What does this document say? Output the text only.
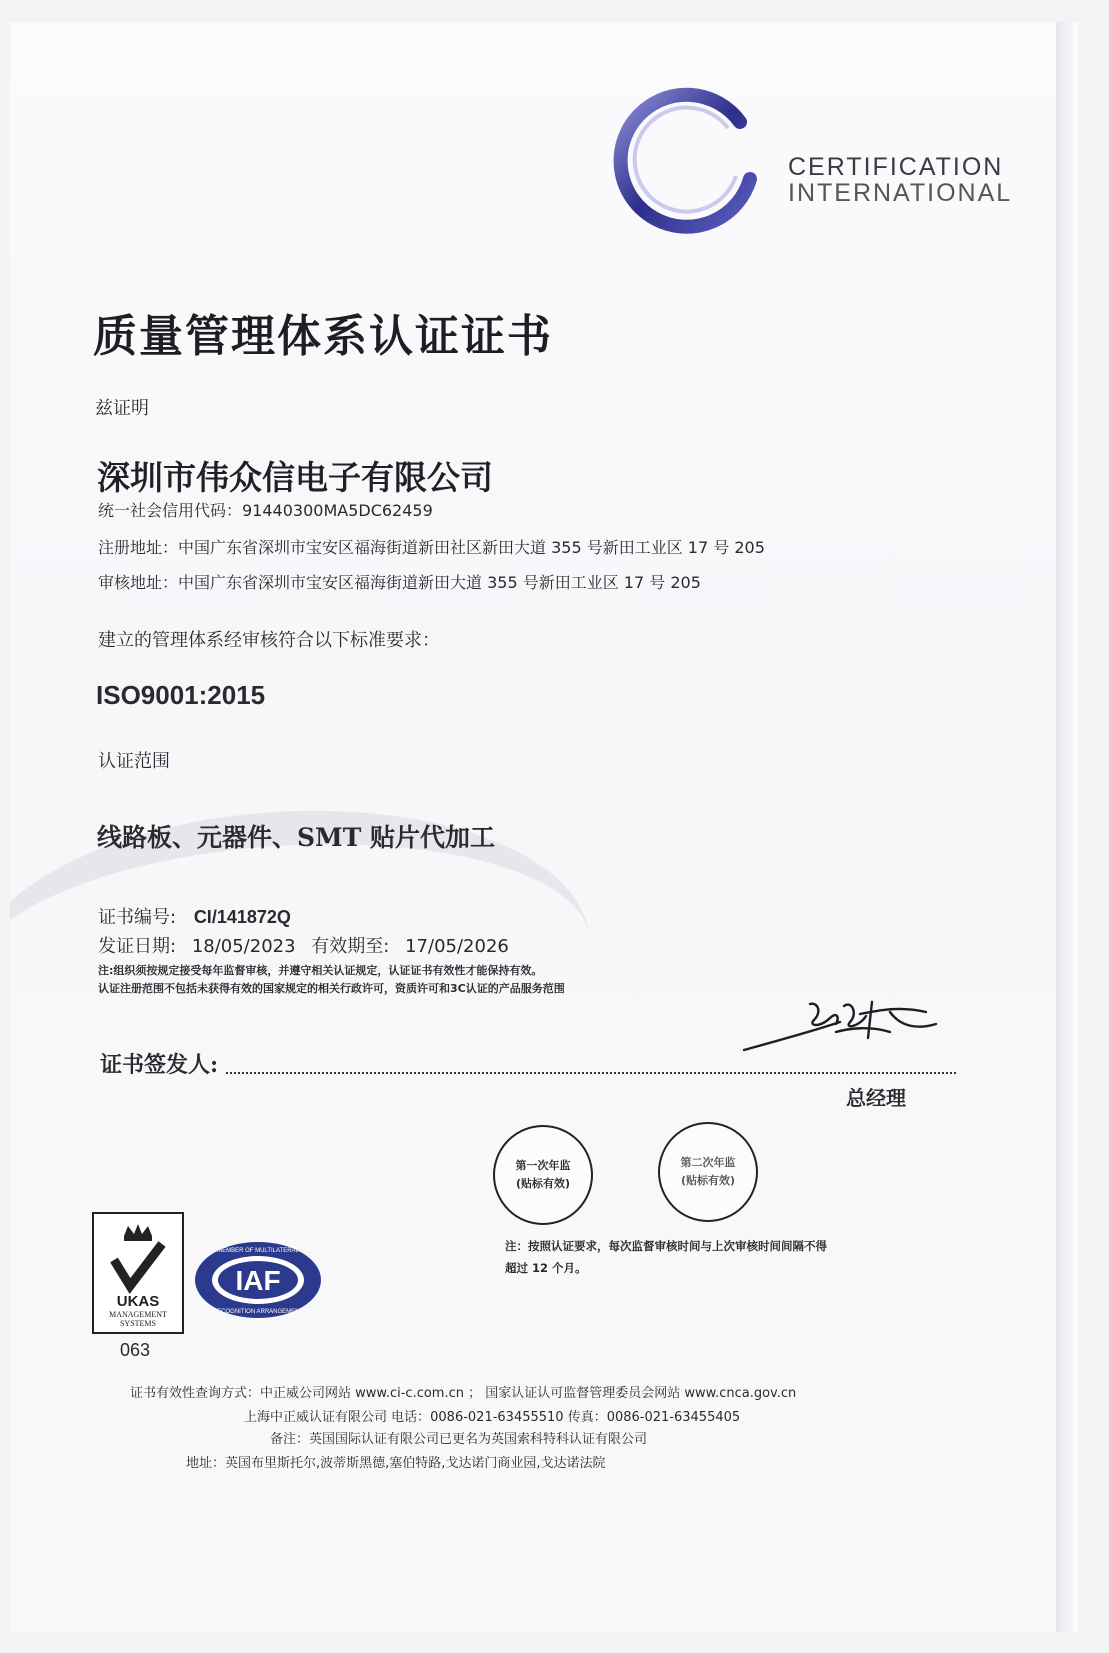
CERTIFICATION
INTERNATIONAL
质量管理体系认证证书
兹证明
深圳市伟众信电子有限公司
统一社会信用代码：91440300MA5DC62459
注册地址：中国广东省深圳市宝安区福海街道新田社区新田大道 355 号新田工业区 17 号 205
审核地址：中国广东省深圳市宝安区福海街道新田大道 355 号新田工业区 17 号 205
建立的管理体系经审核符合以下标准要求：
ISO9001:2015
认证范围
线路板、元器件、SMT 贴片代加工
证书编号: CI/141872Q
发证日期: 18/05/2023 有效期至: 17/05/2026
注:组织须按规定接受每年监督审核，并遵守相关认证规定，认证证书有效性才能保持有效。
认证注册范围不包括未获得有效的国家规定的相关行政许可，资质许可和3C认证的产品服务范围
证书签发人:
总经理
第一次年监
(贴标有效)
第二次年监
(贴标有效)
注：按照认证要求，每次监督审核时间与上次审核时间间隔不得
超过 12 个月。
UKAS
MANAGEMENT
SYSTEMS
063
IAF
MEMBER OF MULTILATERAL
RECOGNITION ARRANGEMENT
证书有效性查询方式：中正威公司网站 www.ci-c.com.cn ； 国家认证认可监督管理委员会网站 www.cnca.gov.cn
上海中正威认证有限公司 电话：0086-021-63455510 传真：0086-021-63455405
备注：英国国际认证有限公司已更名为英国索科特科认证有限公司
地址：英国布里斯托尔,波蒂斯黑德,塞伯特路,戈达诺门商业园,戈达诺法院
